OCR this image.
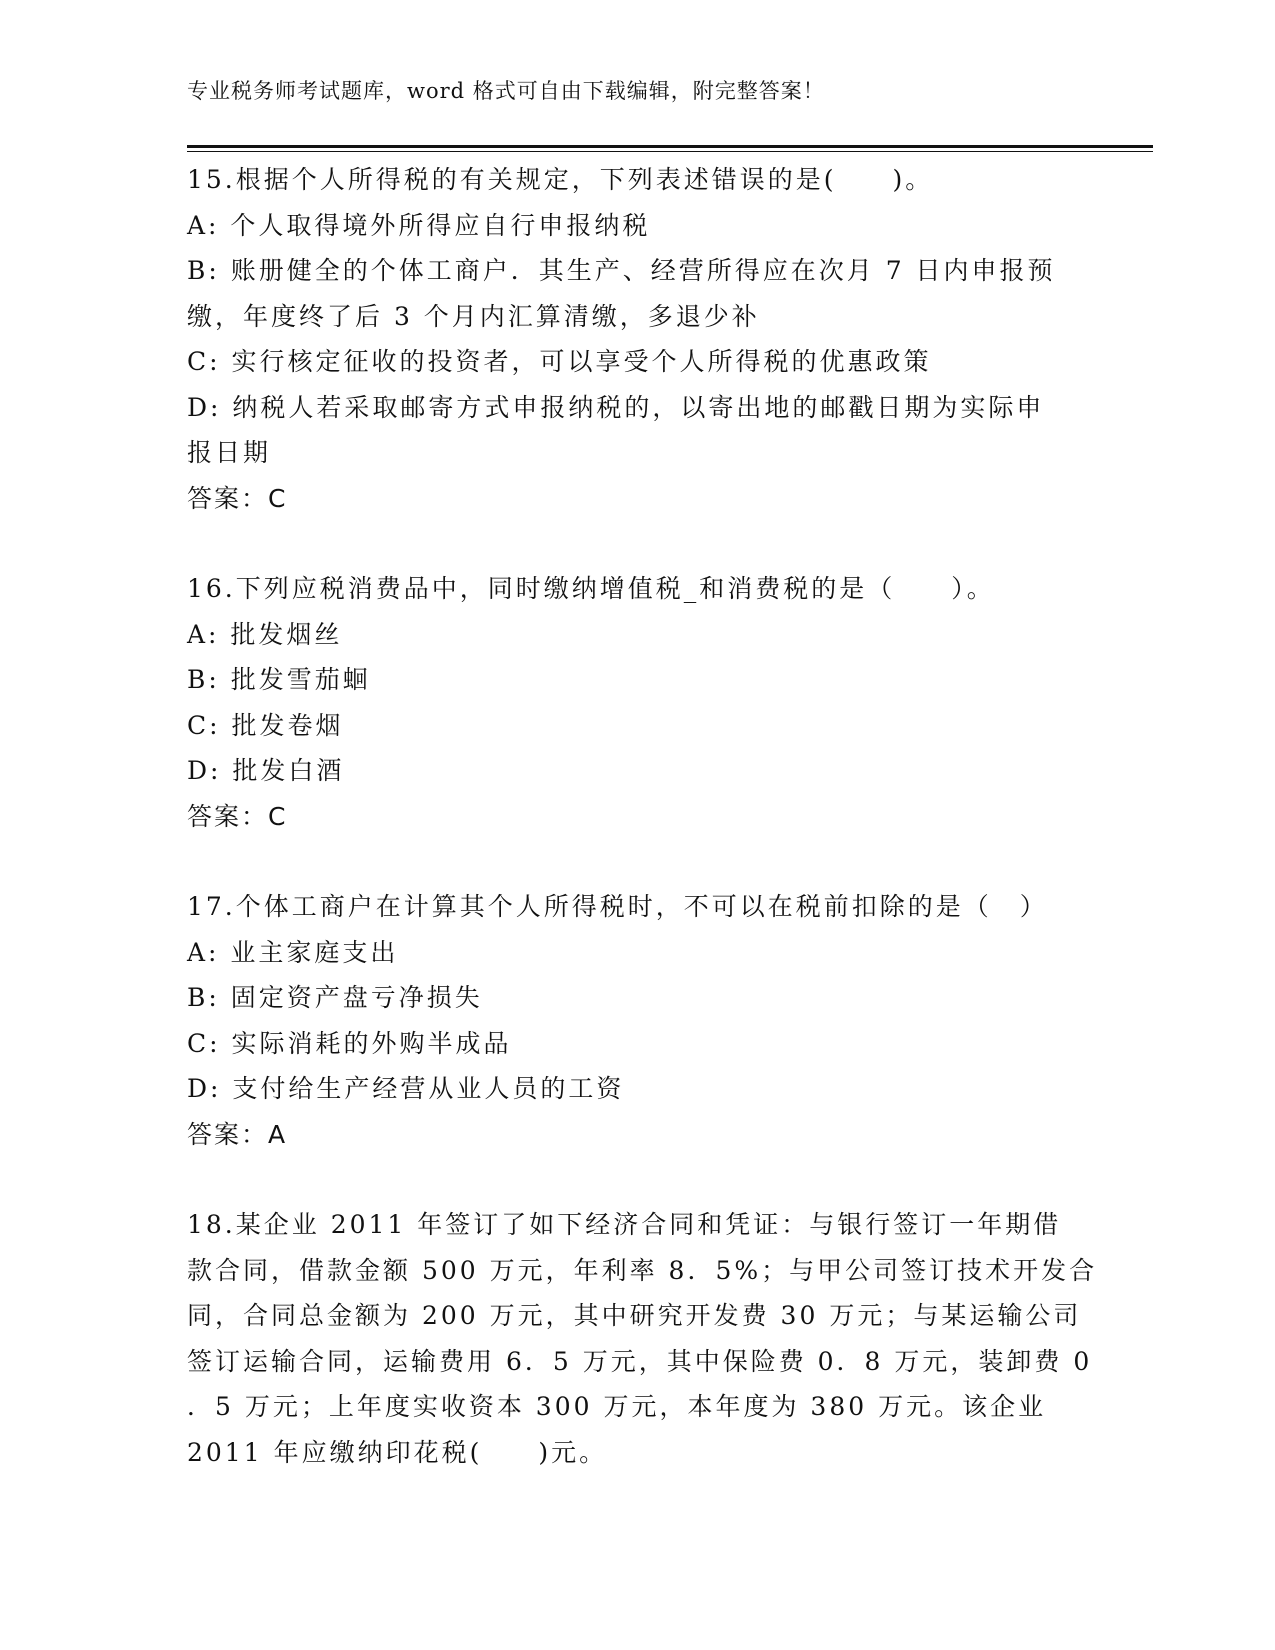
专业税务师考试题库，word 格式可自由下载编辑，附完整答案！
15.根据个人所得税的有关规定，下列表述错误的是(　　)。
A: 个人取得境外所得应自行申报纳税
B: 账册健全的个体工商户．其生产、经营所得应在次月 7 日内申报预
缴，年度终了后 3 个月内汇算清缴，多退少补
C: 实行核定征收的投资者，可以享受个人所得税的优惠政策
D: 纳税人若采取邮寄方式申报纳税的，以寄出地的邮戳日期为实际申
报日期
答案：C
16.下列应税消费品中，同时缴纳增值税_和消费税的是（　　）。
A: 批发烟丝
B: 批发雪茄蛔
C: 批发卷烟
D: 批发白酒
答案：C
17.个体工商户在计算其个人所得税时，不可以在税前扣除的是（　）
A: 业主家庭支出
B: 固定资产盘亏净损失
C: 实际消耗的外购半成品
D: 支付给生产经营从业人员的工资
答案：A
18.某企业 2011 年签订了如下经济合同和凭证：与银行签订一年期借
款合同，借款金额 500 万元，年利率 8．5%；与甲公司签订技术开发合
同，合同总金额为 200 万元，其中研究开发费 30 万元；与某运输公司
签订运输合同，运输费用 6．5 万元，其中保险费 0．8 万元，装卸费 0
．5 万元；上年度实收资本 300 万元，本年度为 380 万元。该企业
2011 年应缴纳印花税(　　)元。
